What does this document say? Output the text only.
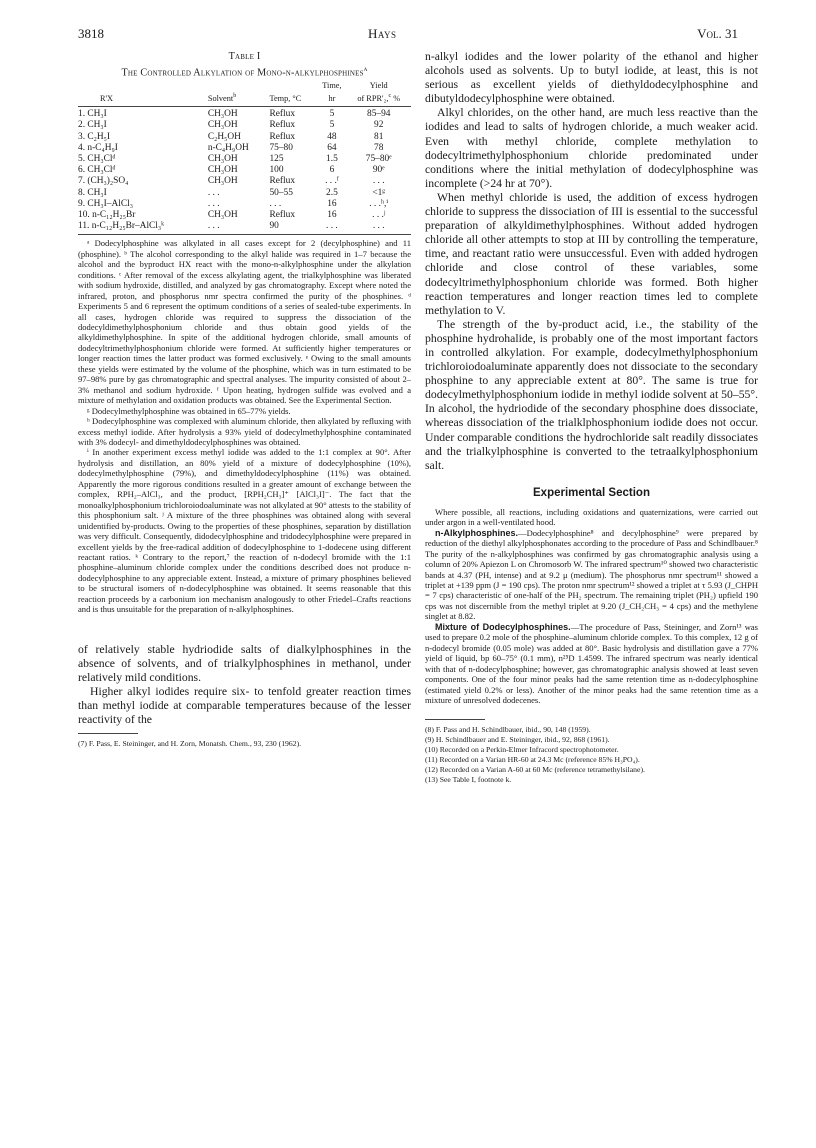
3818	Hays	Vol. 31
Table I
The Controlled Alkylation of Mono-n-alkylphosphines$^a$
			Time,	Yield
R'X	Solvent$^b$	Temp, °C	hr	of RPR'₂,$^c$ %
1. CH₃I	CH₃OH	Reflux	5	85–94
2. CH₃I	CH₃OH	Reflux	5	92
3. C₂H₅I	C₂H₅OH	Reflux	48	81
4. n-C₄H₉I	n-C₄H₉OH	75–80	64	78
5. CH₃Clᵈ	CH₃OH	125	1.5	75–80ᵉ
6. CH₃Clᵈ	CH₃OH	100	6	90ᵉ
7. (CH₃)₂SO₄	CH₃OH	Reflux	. . .ᶠ	. . .
8. CH₃I	. . .	50–55	2.5	<1ᵍ
9. CH₃I–AlCl₃	. . .	. . .	16	. . .ʰ,ⁱ
10. n-C₁₂H₂₅Br	CH₃OH	Reflux	16	. . .ʲ
11. n-C₁₂H₂₅Br–AlCl₃ᵏ	. . .	90	. . .	. . .

ᵃ Dodecylphosphine was alkylated in all cases except for 2 (decylphosphine) and 11 (phosphine). ᵇ The alcohol corresponding to the alkyl halide was required in 1–7 because the alcohol and the byproduct HX react with the mono-n-alkylphosphine under the alkylation conditions. ᶜ After removal of the excess alkylating agent, the trialkylphosphine was liberated with sodium hydroxide, distilled, and analyzed by gas chromatography. Except where noted the infrared, proton, and phosphorus nmr spectra confirmed the purity of the phosphines. ᵈ Experiments 5 and 6 represent the optimum conditions of a series of sealed-tube experiments. In all cases, hydrogen chloride was required to suppress the dissociation of the dodecyldimethylphosphonium chloride and thus obtain good yields of the alkyldimethylphosphine. In spite of the additional hydrogen chloride, small amounts of dodecyltrimethylphosphonium chloride were formed. At sufficiently higher temperatures or longer reaction times the latter product was formed exclusively. ᵉ Owing to the small amounts these yields were estimated by the volume of the phosphine, which was in turn estimated to be 97–98% pure by gas chromatographic and spectral analyses. The impurity consisted of about 2–3% methanol and sodium hydroxide. ᶠ Upon heating, hydrogen sulfide was evolved and a mixture of methylation and oxidation products was obtained. See the Experimental Section.

ᵍ Dodecylmethylphosphine was obtained in 65–77% yields.

ʰ Dodecylphosphine was complexed with aluminum chloride, then alkylated by refluxing with excess methyl iodide. After hydrolysis a 93% yield of dodecylmethylphosphine contaminated with 3% dodecyl- and dimethyldodecylphosphines was obtained.

ⁱ In another experiment excess methyl iodide was added to the 1:1 complex at 90°. After hydrolysis and distillation, an 80% yield of a mixture of dodecylphosphine (10%), dodecylmethylphosphine (79%), and dimethyldodecylphosphine (11%) was obtained. Apparently the more rigorous conditions resulted in a greater amount of exchange between the complex, RPH₂–AlCl₃, and the product, [RPH₂CH₃]⁺ [AlCl₃I]⁻. The fact that the monoalkylphosphonium trichloroiodoaluminate was not alkylated at 90° attests to the stability of this phosphonium salt. ʲ A mixture of the three phosphines was obtained along with several unidentified by-products. Owing to the properties of these phosphines, separation by distillation was very difficult. Consequently, didodecylphosphine and tridodecylphosphine were prepared in excellent yields by the free-radical addition of dodecylphosphine to 1-dodecene using different reactant ratios. ᵏ Contrary to the report,⁷ the reaction of n-dodecyl bromide with the 1:1 phosphine–aluminum chloride complex under the conditions described does not produce n-dodecylphosphine to any appreciable extent. Instead, a mixture of primary phosphines believed to be structural isomers of n-dodecylphosphine was obtained. It seems reasonable that this reaction proceeds by a carbonium ion mechanism analogously to other Friedel–Crafts reactions and is thus unsuitable for the preparation of n-alkylphosphines.

of relatively stable hydriodide salts of dialkylphosphines in the absence of solvents, and of trialkylphosphines in methanol, under relatively mild conditions.

Higher alkyl iodides require six- to tenfold greater reaction times than methyl iodide at comparable temperatures because of the lesser reactivity of the

(7) F. Pass, E. Steininger, and H. Zorn, Monatsh. Chem., 93, 230 (1962).

n-alkyl iodides and the lower polarity of the ethanol and higher alcohols used as solvents. Up to butyl iodide, at least, this is not serious as excellent yields of diethyldodecylphosphine and dibutyldodecylphosphine were obtained.

Alkyl chlorides, on the other hand, are much less reactive than the iodides and lead to salts of hydrogen chloride, a much weaker acid. Even with methyl chloride, complete methylation to dodecyltrimethylphosphonium chloride predominated under conditions where the initial methylation of dodecylphosphine was incomplete (>24 hr at 70°).

When methyl chloride is used, the addition of excess hydrogen chloride to suppress the dissociation of III is essential to the successful preparation of alkyldimethylphosphines. Without added hydrogen chloride all other attempts to stop at III by controlling the temperature, time, and reactant ratio were unsuccessful. Even with added hydrogen chloride and close control of these variables, some dodecyltrimethylphosphonium chloride was formed. Both higher reaction temperatures and longer reaction times led to complete methylation to V.

The strength of the by-product acid, i.e., the stability of the phosphine hydrohalide, is probably one of the most important factors in controlled alkylation. For example, dodecylmethylphosphonium trichloroiodoaluminate apparently does not dissociate to the secondary phosphine to any appreciable extent at 80°. The same is true for dodecylmethylphosphonium iodide in methyl iodide solvent at 50–55°. In alcohol, the hydriodide of the secondary phosphine does dissociate, whereas dissociation of the trialklphosphonium iodide does not occur. Under comparable conditions the hydrochloride salt readily dissociates and the trialkylphosphine is converted to the tetraalkylphosphonium salt.

Experimental Section

Where possible, all reactions, including oxidations and quaternizations, were carried out under argon in a well-ventilated hood.

n-Alkylphosphines.—Dodecylphosphine⁸ and decylphosphine⁹ were prepared by reduction of the diethyl alkylphosphonates according to the procedure of Pass and Schindlbauer.⁸ The purity of the n-alkylphosphines was confirmed by gas chromatographic analysis using a column of 20% Apiezon L on Chromosorb W. The infrared spectrum¹⁰ showed two characteristic bands at 4.37 (PH, intense) and at 9.2 μ (medium). The phosphorus nmr spectrum¹¹ showed a triplet at +139 ppm (J = 190 cps). The proton nmr spectrum¹² showed a triplet at τ 5.93 (J_CHPH = 7 cps) characteristic of one-half of the PH₂ spectrum. The remaining triplet (PH₂) upfield 190 cps was not discernible from the methyl triplet at 9.20 (J_CH₂CH₃ = 4 cps) and the methylene singlet at 8.82.

Mixture of Dodecylphosphines.—The procedure of Pass, Steininger, and Zorn¹³ was used to prepare 0.2 mole of the phosphine–aluminum chloride complex. To this complex, 12 g of n-dodecyl bromide (0.05 mole) was added at 80°. Basic hydrolysis and distillation gave a 77% yield of liquid, bp 60–75° (0.1 mm), n²⁵D 1.4599. The infrared spectrum was nearly identical with that of n-dodecylphosphine; however, gas chromatographic analysis showed at least seven components. One of the four minor peaks had the same retention time as n-dodecylphosphine (estimated yield 0.2% or less). Another of the minor peaks had the same retention time as a mixture of unresolved dodecenes.

(8) F. Pass and H. Schindlbauer, ibid., 90, 148 (1959).
(9) H. Schindlbauer and E. Steininger, ibid., 92, 868 (1961).
(10) Recorded on a Perkin-Elmer Infracord spectrophotometer.
(11) Recorded on a Varian HR-60 at 24.3 Mc (reference 85% H₃PO₄).
(12) Recorded on a Varian A-60 at 60 Mc (reference tetramethylsilane).
(13) See Table I, footnote k.
